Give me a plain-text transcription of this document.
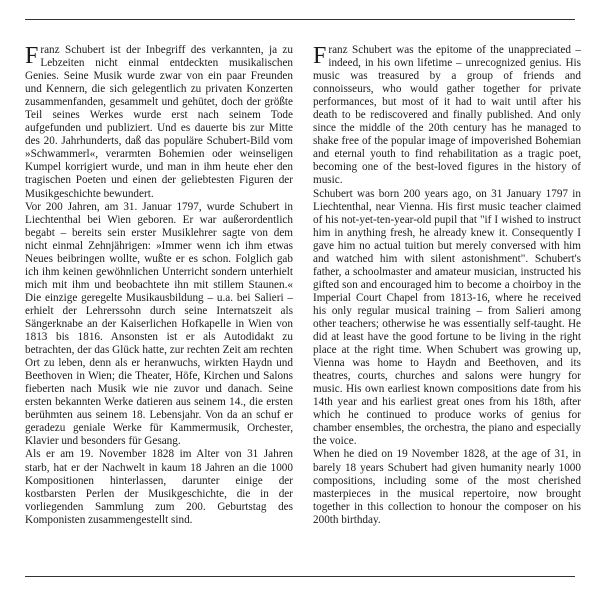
Franz Schubert ist der Inbegriff des verkannten, ja zu Lebzeiten nicht einmal entdeckten musikalischen Genies. Seine Musik wurde zwar von ein paar Freunden und Kennern, die sich gelegentlich zu privaten Konzerten zusammenfanden, gesammelt und gehütet, doch der größte Teil seines Werkes wurde erst nach seinem Tode aufgefunden und publiziert. Und es dauerte bis zur Mitte des 20. Jahrhunderts, daß das populäre Schubert-Bild vom »Schwammerl«, verarmten Bohemien oder weinseligen Kumpel korrigiert wurde, und man in ihm heute eher den tragischen Poeten und einen der geliebtesten Figuren der Musikgeschichte bewundert.

Vor 200 Jahren, am 31. Januar 1797, wurde Schubert in Liechtenthal bei Wien geboren. Er war außerordentlich begabt – bereits sein erster Musiklehrer sagte von dem nicht einmal Zehnjährigen: »Immer wenn ich ihm etwas Neues beibringen wollte, wußte er es schon. Folglich gab ich ihm keinen gewöhnlichen Unterricht sondern unterhielt mich mit ihm und beobachtete ihn mit stillem Staunen.« Die einzige geregelte Musikausbildung – u.a. bei Salieri – erhielt der Lehrerssohn durch seine Internatszeit als Sängerknabe an der Kaiserlichen Hofkapelle in Wien von 1813 bis 1816. Ansonsten ist er als Autodidakt zu betrachten, der das Glück hatte, zur rechten Zeit am rechten Ort zu leben, denn als er heranwuchs, wirkten Haydn und Beethoven in Wien; die Theater, Höfe, Kirchen und Salons fieberten nach Musik wie nie zuvor und danach. Seine ersten bekannten Werke datieren aus seinem 14., die ersten berühmten aus seinem 18. Lebensjahr. Von da an schuf er geradezu geniale Werke für Kammermusik, Orchester, Klavier und besonders für Gesang.

Als er am 19. November 1828 im Alter von 31 Jahren starb, hat er der Nachwelt in kaum 18 Jahren an die 1000 Kompositionen hinterlassen, darunter einige der kostbarsten Perlen der Musikgeschichte, die in der vorliegenden Sammlung zum 200. Geburtstag des Komponisten zusammengestellt sind.

Franz Schubert was the epitome of the unappreciated – indeed, in his own lifetime – unrecognized genius. His music was treasured by a group of friends and connoisseurs, who would gather together for private performances, but most of it had to wait until after his death to be rediscovered and finally published. And only since the middle of the 20th century has he managed to shake free of the popular image of impoverished Bohemian and eternal youth to find rehabilitation as a tragic poet, becoming one of the best-loved figures in the history of music.

Schubert was born 200 years ago, on 31 January 1797 in Liechtenthal, near Vienna. His first music teacher claimed of his not-yet-ten-year-old pupil that "if I wished to instruct him in anything fresh, he already knew it. Consequently I gave him no actual tuition but merely conversed with him and watched him with silent astonishment". Schubert's father, a schoolmaster and amateur musician, instructed his gifted son and encouraged him to become a choirboy in the Imperial Court Chapel from 1813-16, where he received his only regular musical training – from Salieri among other teachers; otherwise he was essentially self-taught. He did at least have the good fortune to be living in the right place at the right time. When Schubert was growing up, Vienna was home to Haydn and Beethoven, and its theatres, courts, churches and salons were hungry for music. His own earliest known compositions date from his 14th year and his earliest great ones from his 18th, after which he continued to produce works of genius for chamber ensembles, the orchestra, the piano and especially the voice.

When he died on 19 November 1828, at the age of 31, in barely 18 years Schubert had given humanity nearly 1000 compositions, including some of the most cherished masterpieces in the musical repertoire, now brought together in this collection to honour the composer on his 200th birthday.
